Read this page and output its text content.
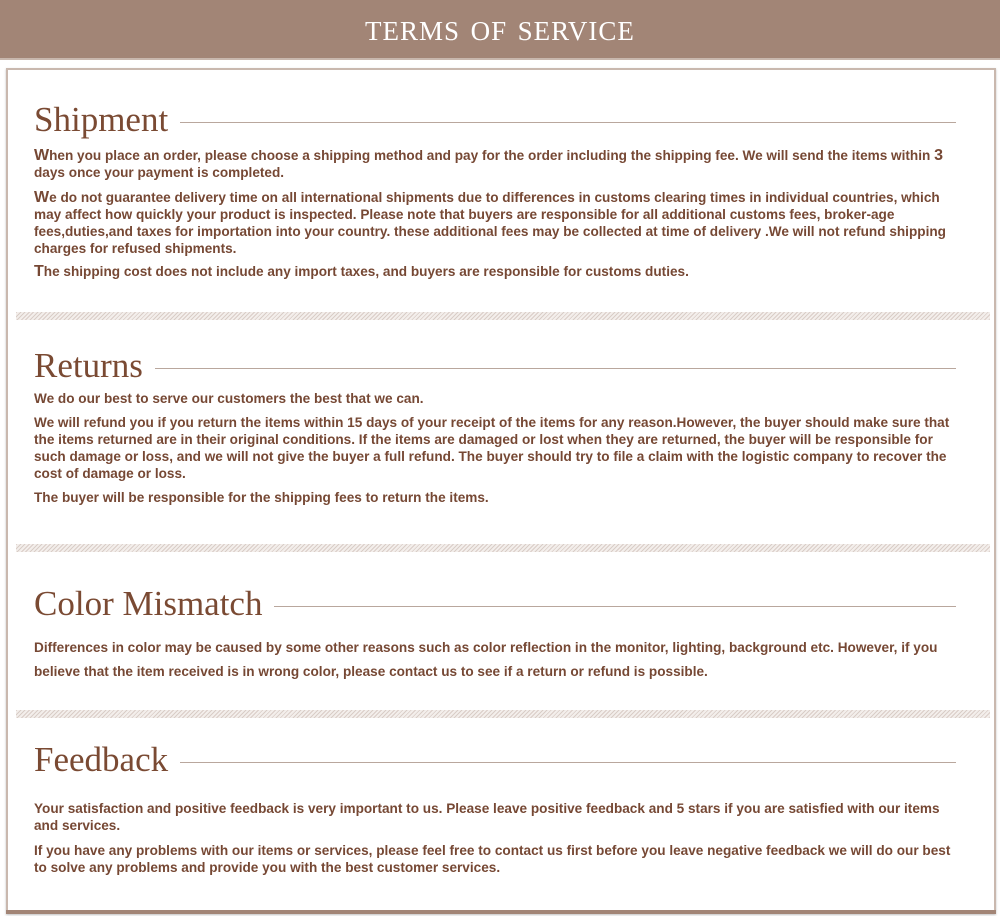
terms of service
Shipment

When you place an order, please choose a shipping method and pay for the order including the shipping fee. We will send the items within 3 days once your payment is completed.

We do not guarantee delivery time on all international shipments due to differences in customs clearing times in individual countries, which may affect how quickly your product is inspected. Please note that buyers are responsible for all additional customs fees, broker-age fees,duties,and taxes for importation into your country. these additional fees may be collected at time of delivery .We will not refund shipping charges for refused shipments.

The shipping cost does not include any import taxes, and buyers are responsible for customs duties.

Returns

We do our best to serve our customers the best that we can.

We will refund you if you return the items within 15 days of your receipt of the items for any reason.However, the buyer should make sure that the items returned are in their original conditions. If the items are damaged or lost when they are returned, the buyer will be responsible for such damage or loss, and we will not give the buyer a full refund. The buyer should try to file a claim with the logistic company to recover the cost of damage or loss.

The buyer will be responsible for the shipping fees to return the items.

Color Mismatch

Differences in color may be caused by some other reasons such as color reflection in the monitor, lighting, background etc. However, if you believe that the item received is in wrong color, please contact us to see if a return or refund is possible.

Feedback

Your satisfaction and positive feedback is very important to us. Please leave positive feedback and 5 stars if you are satisfied with our items and services.

If you have any problems with our items or services, please feel free to contact us first before you leave negative feedback we will do our best to solve any problems and provide you with the best customer services.
